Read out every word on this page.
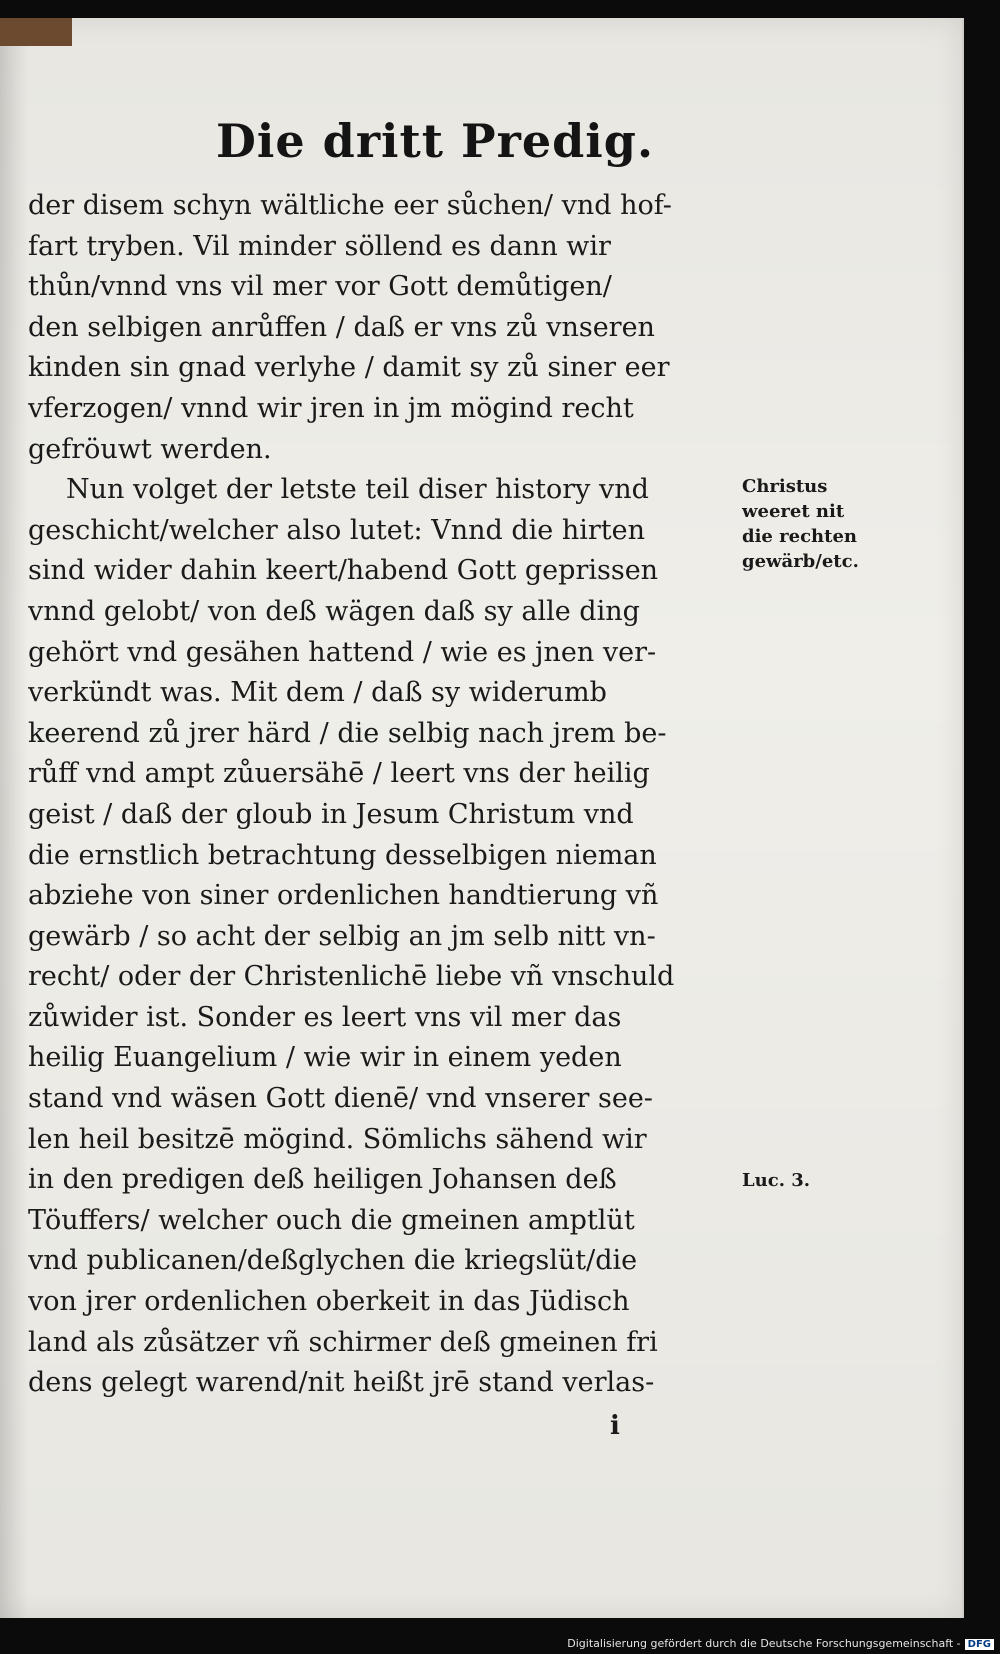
Die dritt Predig.
der disem schyn wältliche eer sůchen/ vnd hof-
fart tryben. Vil minder söllend es dann wir
thůn/vnnd vns vil mer vor Gott demůtigen/
den selbigen anrůffen / daß er vns zů vnseren
kinden sin gnad verlyhe / damit sy zů siner eer
vferzogen/ vnnd wir jren in jm mögind recht
gefröuwt werden.
Nun volget der letste teil diser history vnd
geschicht/welcher also lutet: Vnnd die hirten
sind wider dahin keert/habend Gott geprissen
vnnd gelobt/ von deß wägen daß sy alle ding
gehört vnd gesähen hattend / wie es jnen ver-
verkündt was. Mit dem / daß sy widerumb
keerend zů jrer härd / die selbig nach jrem be-
růff vnd ampt zůuersähē / leert vns der heilig
geist / daß der gloub in Jesum Christum vnd
die ernstlich betrachtung desselbigen nieman
abziehe von siner ordenlichen handtierung vñ
gewärb / so acht der selbig an jm selb nitt vn-
recht/ oder der Christenlichē liebe vñ vnschuld
zůwider ist. Sonder es leert vns vil mer das
heilig Euangelium / wie wir in einem yeden
stand vnd wäsen Gott dienē/ vnd vnserer see-
len heil besitzē mögind. Sömlichs sähend wir
in den predigen deß heiligen Johansen deß
Töuffers/ welcher ouch die gmeinen amptlüt
vnd publicanen/deßglychen die kriegslüt/die
von jrer ordenlichen oberkeit in das Jüdisch
land als zůsätzer vñ schirmer deß gmeinen fri
dens gelegt warend/nit heißt jrē stand verlas-
Christus
weeret nit
die rechten
gewärb/etc.
Luc. 3.
i
Digitalisierung gefördert durch die Deutsche Forschungsgemeinschaft - DFG
